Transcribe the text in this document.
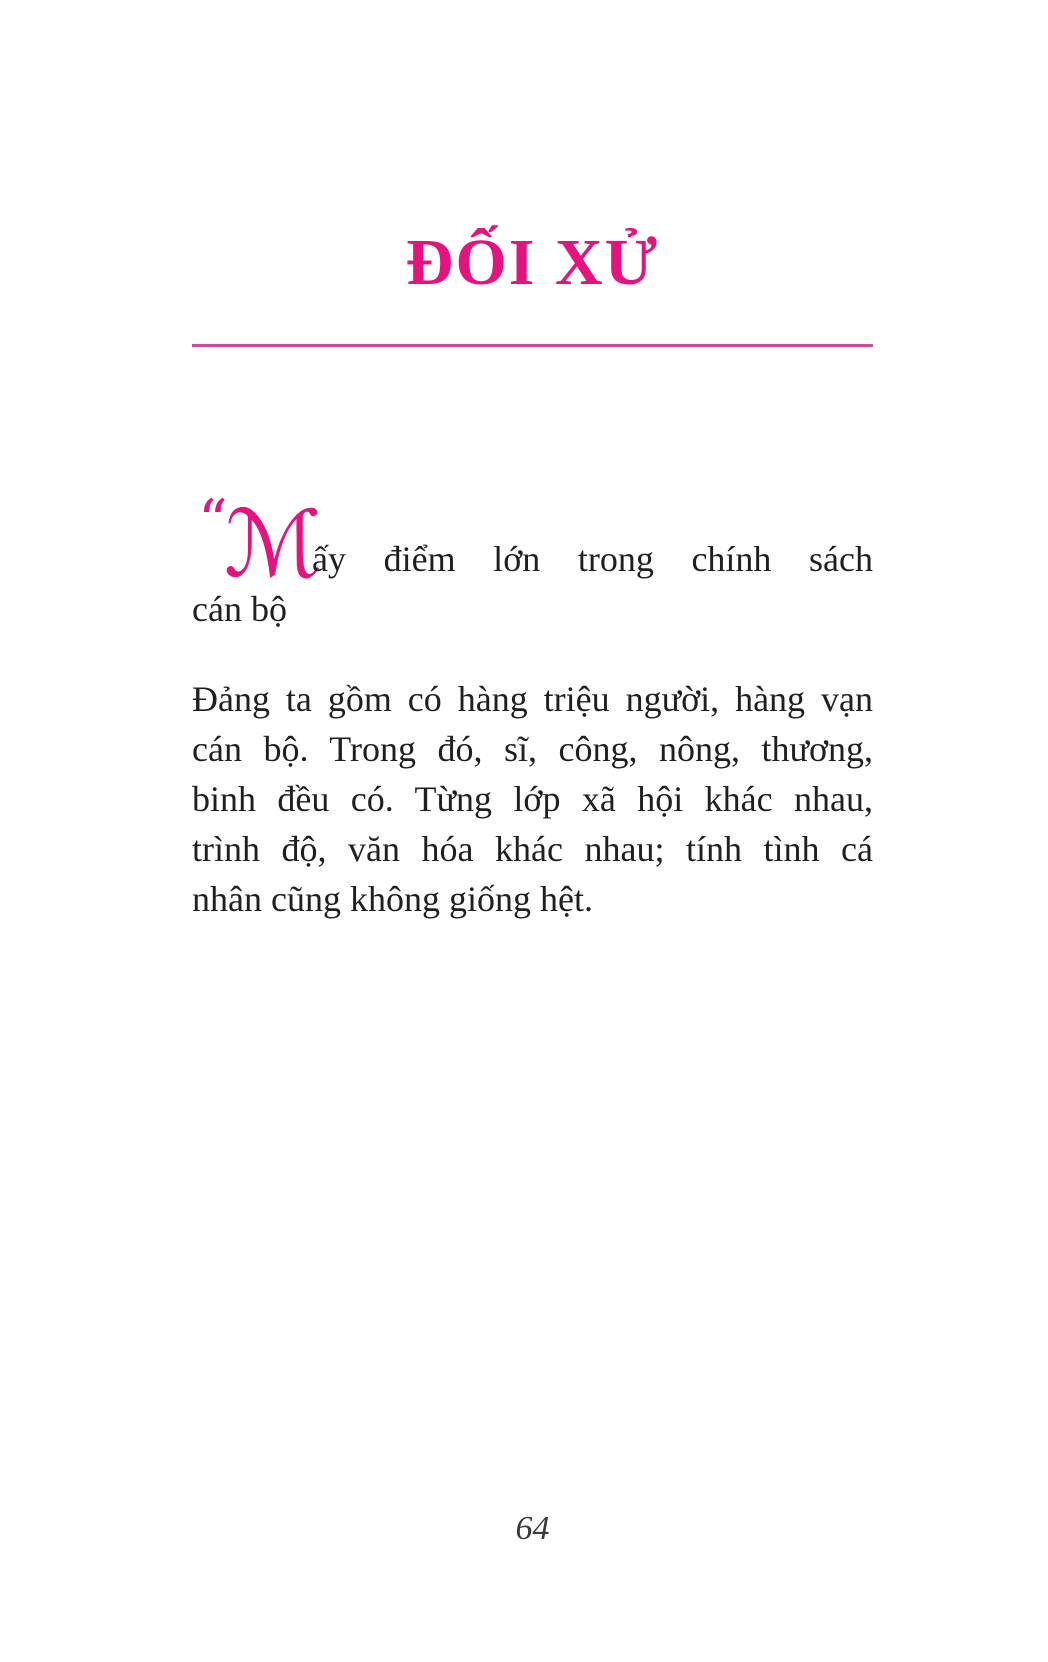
ĐỐI XỬ
“
ℳ
ấy điểm lớn trong chính sách
cán bộ
Đảng ta gồm có hàng triệu người, hàng vạn
cán bộ. Trong đó, sĩ, công, nông, thương,
binh đều có. Từng lớp xã hội khác nhau,
trình độ, văn hóa khác nhau; tính tình cá
nhân cũng không giống hệt.
64
